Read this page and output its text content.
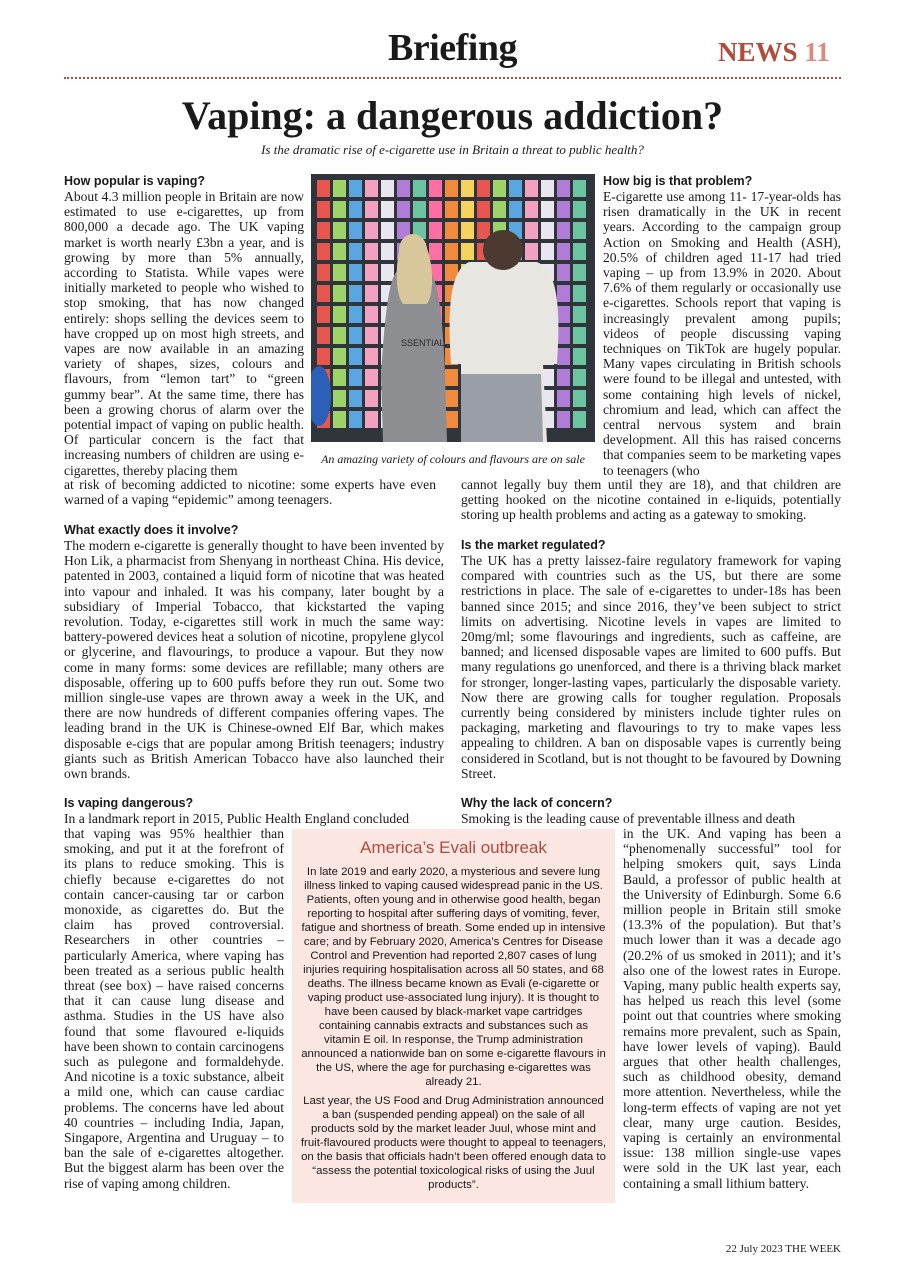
Briefing	NEWS 11
Vaping: a dangerous addiction?
Is the dramatic rise of e-cigarette use in Britain a threat to public health?
SSENTIAL
An amazing variety of colours and flavours are on sale

How popular is vaping?

About 4.3 million people in Britain are now estimated to use e-cigarettes, up from 800,000 a decade ago. The UK vaping market is worth nearly £3bn a year, and is growing by more than 5% annually, according to Statista. While vapes were initially marketed to people who wished to stop smoking, that has now changed entirely: shops selling the devices seem to have cropped up on most high streets, and vapes are now available in an amazing variety of shapes, sizes, colours and flavours, from “lemon tart” to “green gummy bear”. At the same time, there has been a growing chorus of alarm over the potential impact of vaping on public health. Of particular concern is the fact that increasing numbers of children are using e-cigarettes, thereby placing them

at risk of becoming addicted to nicotine: some experts have even warned of a vaping “epidemic” among teenagers.

How big is that problem?

E-cigarette use among 11- 17-year-olds has risen dramatically in the UK in recent years. According to the campaign group Action on Smoking and Health (ASH), 20.5% of children aged 11-17 had tried vaping – up from 13.9% in 2020. About 7.6% of them regularly or occasionally use e-cigarettes. Schools report that vaping is increasingly prevalent among pupils; videos of people discussing vaping techniques on TikTok are hugely popular. Many vapes circulating in British schools were found to be illegal and untested, with some containing high levels of nickel, chromium and lead, which can affect the central nervous system and brain development. All this has raised concerns that companies seem to be marketing vapes to teenagers (who

cannot legally buy them until they are 18), and that children are getting hooked on the nicotine contained in e-liquids, potentially storing up health problems and acting as a gateway to smoking.

What exactly does it involve?

The modern e-cigarette is generally thought to have been invented by Hon Lik, a pharmacist from Shenyang in northeast China. His device, patented in 2003, contained a liquid form of nicotine that was heated into vapour and inhaled. It was his company, later bought by a subsidiary of Imperial Tobacco, that kickstarted the vaping revolution. Today, e-cigarettes still work in much the same way: battery-powered devices heat a solution of nicotine, propylene glycol or glycerine, and flavourings, to produce a vapour. But they now come in many forms: some devices are refillable; many others are disposable, offering up to 600 puffs before they run out. Some two million single-use vapes are thrown away a week in the UK, and there are now hundreds of different companies offering vapes. The leading brand in the UK is Chinese-owned Elf Bar, which makes disposable e-cigs that are popular among British teenagers; industry giants such as British American Tobacco have also launched their own brands.

Is the market regulated?

The UK has a pretty laissez-faire regulatory framework for vaping compared with countries such as the US, but there are some restrictions in place. The sale of e-cigarettes to under-18s has been banned since 2015; and since 2016, they’ve been subject to strict limits on advertising. Nicotine levels in vapes are limited to 20mg/ml; some flavourings and ingredients, such as caffeine, are banned; and licensed disposable vapes are limited to 600 puffs. But many regulations go unenforced, and there is a thriving black market for stronger, longer-lasting vapes, particularly the disposable variety. Now there are growing calls for tougher regulation. Proposals currently being considered by ministers include tighter rules on packaging, marketing and flavourings to try to make vapes less appealing to children. A ban on disposable vapes is currently being considered in Scotland, but is not thought to be favoured by Downing Street.

Is vaping dangerous?

In a landmark report in 2015, Public Health England concluded

that vaping was 95% healthier than smoking, and put it at the forefront of its plans to reduce smoking. This is chiefly because e-cigarettes do not contain cancer-causing tar or carbon monoxide, as cigarettes do. But the claim has proved controversial. Researchers in other countries – particularly America, where vaping has been treated as a serious public health threat (see box) – have raised concerns that it can cause lung disease and asthma. Studies in the US have also found that some flavoured e-liquids have been shown to contain carcinogens such as pulegone and formaldehyde. And nicotine is a toxic substance, albeit a mild one, which can cause cardiac problems. The concerns have led about 40 countries – including India, Japan, Singapore, Argentina and Uruguay – to ban the sale of e-cigarettes altogether. But the biggest alarm has been over the rise of vaping among children.

Why the lack of concern?

Smoking is the leading cause of preventable illness and death

in the UK. And vaping has been a “phenomenally successful” tool for helping smokers quit, says Linda Bauld, a professor of public health at the University of Edinburgh. Some 6.6 million people in Britain still smoke (13.3% of the population). But that’s much lower than it was a decade ago (20.2% of us smoked in 2011); and it’s also one of the lowest rates in Europe. Vaping, many public health experts say, has helped us reach this level (some point out that countries where smoking remains more prevalent, such as Spain, have lower levels of vaping). Bauld argues that other health challenges, such as childhood obesity, demand more attention. Nevertheless, while the long-term effects of vaping are not yet clear, many urge caution. Besides, vaping is certainly an environmental issue: 138 million single-use vapes were sold in the UK last year, each containing a small lithium battery.

America’s Evali outbreak

In late 2019 and early 2020, a mysterious and severe lung illness linked to vaping caused widespread panic in the US. Patients, often young and in otherwise good health, began reporting to hospital after suffering days of vomiting, fever, fatigue and shortness of breath. Some ended up in intensive care; and by February 2020, America’s Centres for Disease Control and Prevention had reported 2,807 cases of lung injuries requiring hospitalisation across all 50 states, and 68 deaths. The illness became known as Evali (e-cigarette or vaping product use-associated lung injury). It is thought to have been caused by black-market vape cartridges containing cannabis extracts and substances such as vitamin E oil. In response, the Trump administration announced a nationwide ban on some e-cigarette flavours in the US, where the age for purchasing e-cigarettes was already 21.

Last year, the US Food and Drug Administration announced a ban (suspended pending appeal) on the sale of all products sold by the market leader Juul, whose mint and fruit-flavoured products were thought to appeal to teenagers, on the basis that officials hadn’t been offered enough data to “assess the potential toxicological risks of using the Juul products”.

22 July 2023 THE WEEK
